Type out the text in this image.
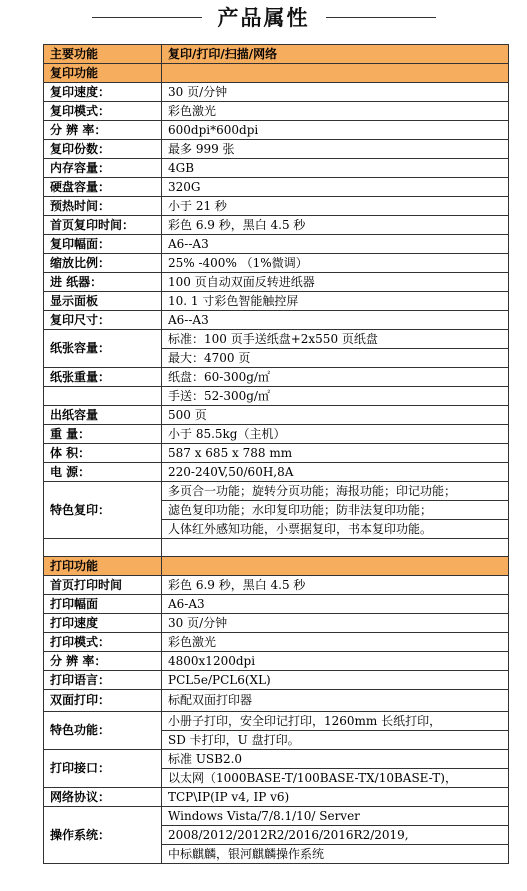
产品属性
主要功能	复印/打印/扫描/网络
复印功能	
复印速度：	30 页/分钟
复印模式：	彩色激光
分 辨 率：	600dpi*600dpi
复印份数：	最多 999 张
内存容量：	4GB
硬盘容量：	320G
预热时间：	小于 21 秒
首页复印时间：	彩色 6.9 秒，黑白 4.5 秒
复印幅面：	A6--A3
缩放比例：	25% -400% （1%微调）
进 纸器：	100 页自动双面反转进纸器
显示面板	10. 1 寸彩色智能触控屏
复印尺寸：	A6--A3
纸张容量：	标准：100 页手送纸盘+2x550 页纸盘
	最大：4700 页
纸张重量：	纸盘：60-300g/㎡
	手送：52-300g/㎡
出纸容量	500 页
重 量：	小于 85.5kg（主机）
体 积：	587 x 685 x 788 mm
电 源：	220-240V,50/60H,8A
特色复印：	多页合一功能；旋转分页功能；海报功能；印记功能；
	滤色复印功能；水印复印功能；防非法复印功能；
	人体红外感知功能，小票据复印，书本复印功能。

打印功能	
首页打印时间	彩色 6.9 秒，黑白 4.5 秒
打印幅面	A6-A3
打印速度	30 页/分钟
打印模式：	彩色激光
分 辨 率：	4800x1200dpi
打印语言：	PCL5e/PCL6(XL)
双面打印：	标配双面打印器
特色功能：	小册子打印，安全印记打印，1260mm 长纸打印，
	SD 卡打印，U 盘打印。
打印接口：	标准 USB2.0
	以太网（1000BASE-T/100BASE-TX/10BASE-T)，
网络协议：	TCP\IP(IP v4, IP v6)
操作系统：	Windows Vista/7/8.1/10/ Server
	2008/2012/2012R2/2016/2016R2/2019,
	中标麒麟，银河麒麟操作系统
